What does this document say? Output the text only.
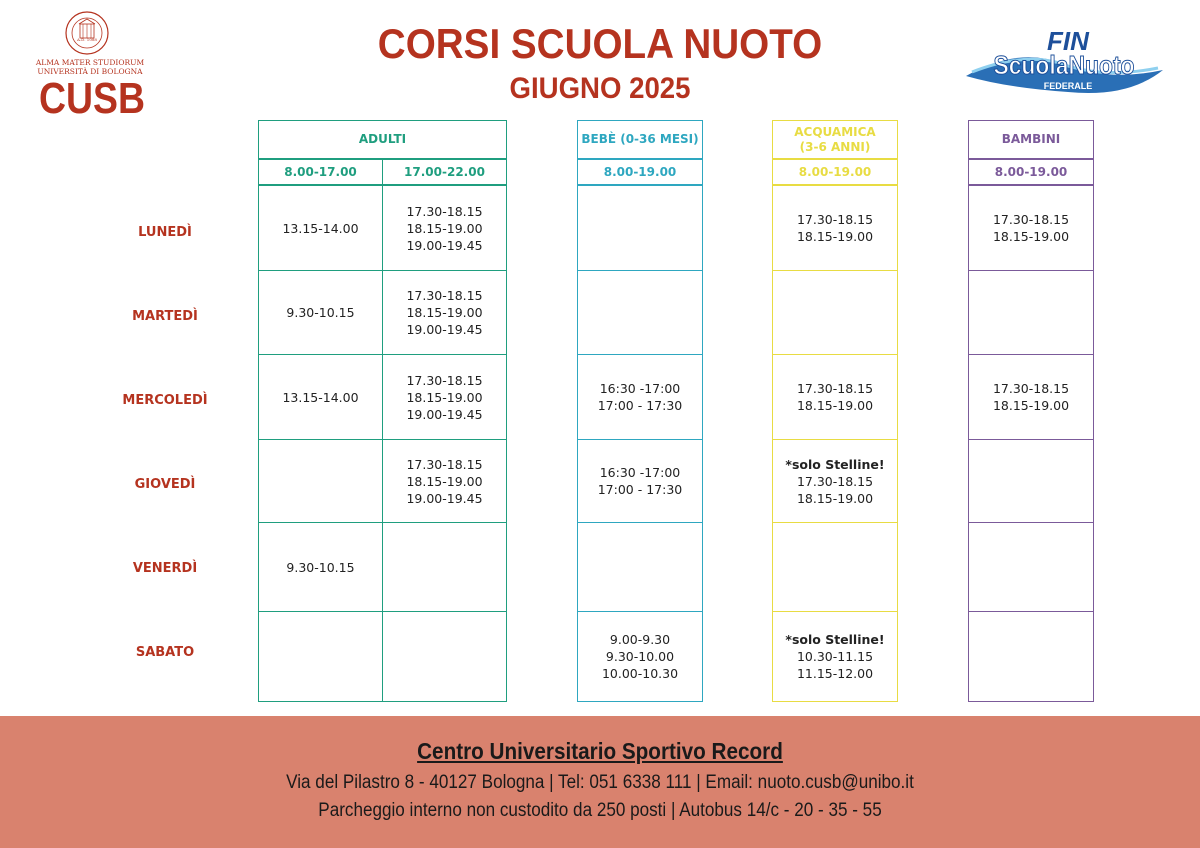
A.D. 1088
ALMA MATER STUDIORUM
UNIVERSITÀ DI BOLOGNA
CUSB
CORSI SCUOLA NUOTO
GIUGNO 2025
FIN
ScuolaNuoto
FEDERALE
LUNEDÌ
MARTEDÌ
MERCOLEDÌ
GIOVEDÌ
VENERDÌ
SABATO
ADULTI
8.00-17.00	17.00-22.00
13.15-14.00
17.30-18.15
18.15-19.00
19.00-19.45
9.30-10.15
17.30-18.15
18.15-19.00
19.00-19.45
13.15-14.00
17.30-18.15
18.15-19.00
19.00-19.45
17.30-18.15
18.15-19.00
19.00-19.45
9.30-10.15
BEBÈ (0-36 MESI)
8.00-19.00
16:30 -17:00
17:00 - 17:30
16:30 -17:00
17:00 - 17:30
9.00-9.30
9.30-10.00
10.00-10.30
ACQUAMICA
(3-6 ANNI)
8.00-19.00
17.30-18.15
18.15-19.00
17.30-18.15
18.15-19.00
*solo Stelline!
17.30-18.15
18.15-19.00
*solo Stelline!
10.30-11.15
11.15-12.00
BAMBINI
8.00-19.00
17.30-18.15
18.15-19.00
17.30-18.15
18.15-19.00
Centro Universitario Sportivo Record
Via del Pilastro 8 - 40127 Bologna | Tel: 051 6338 111 | Email: nuoto.cusb@unibo.it
Parcheggio interno non custodito da 250 posti | Autobus 14/c - 20 - 35 - 55
